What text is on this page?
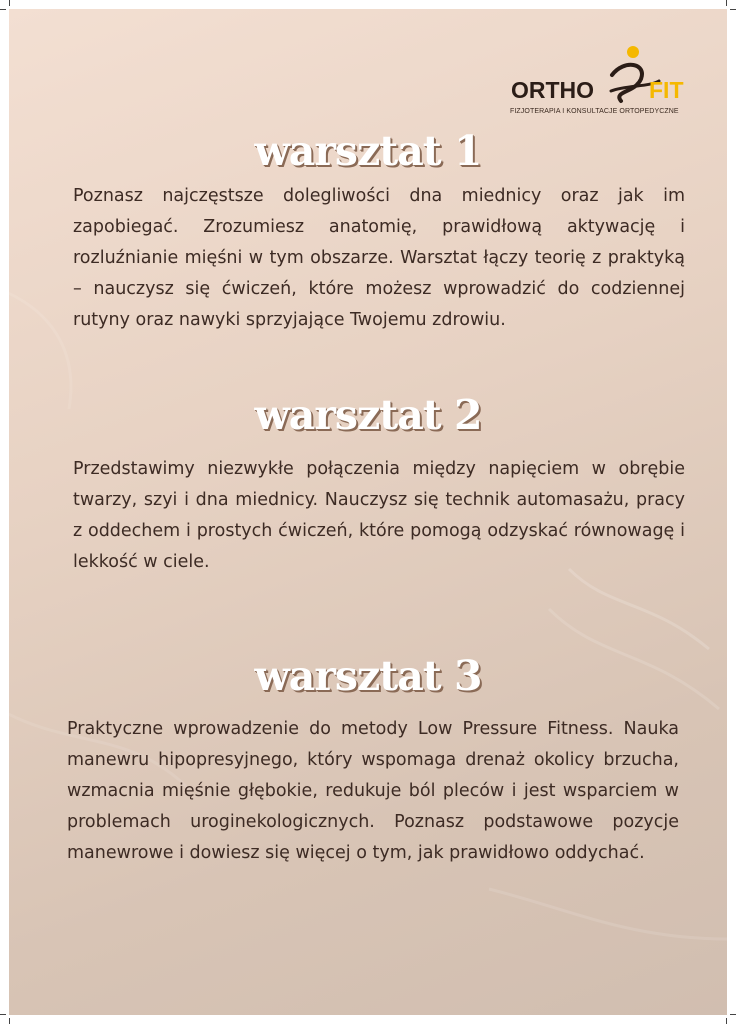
ORTHO FIT
FIZJOTERAPIA I KONSULTACJE ORTOPEDYCZNE
warsztat 1
Poznasz najczęstsze dolegliwości dna miednicy oraz jak im zapobiegać. Zrozumiesz anatomię, prawidłową aktywację i rozluźnianie mięśni w tym obszarze. Warsztat łączy teorię z praktyką – nauczysz się ćwiczeń, które możesz wprowadzić do codziennej rutyny oraz nawyki sprzyjające Twojemu zdrowiu.
warsztat 2
Przedstawimy niezwykłe połączenia między napięciem w obrębie twarzy, szyi i dna miednicy. Nauczysz się technik automasażu, pracy z oddechem i prostych ćwiczeń, które pomogą odzyskać równowagę i lekkość w ciele.
warsztat 3
Praktyczne wprowadzenie do metody Low Pressure Fitness. Nauka manewru hipopresyjnego, który wspomaga drenaż okolicy brzucha, wzmacnia mięśnie głębokie, redukuje ból pleców i jest wsparciem w problemach uroginekologicznych. Poznasz podstawowe pozycje manewrowe i dowiesz się więcej o tym, jak prawidłowo oddychać.
